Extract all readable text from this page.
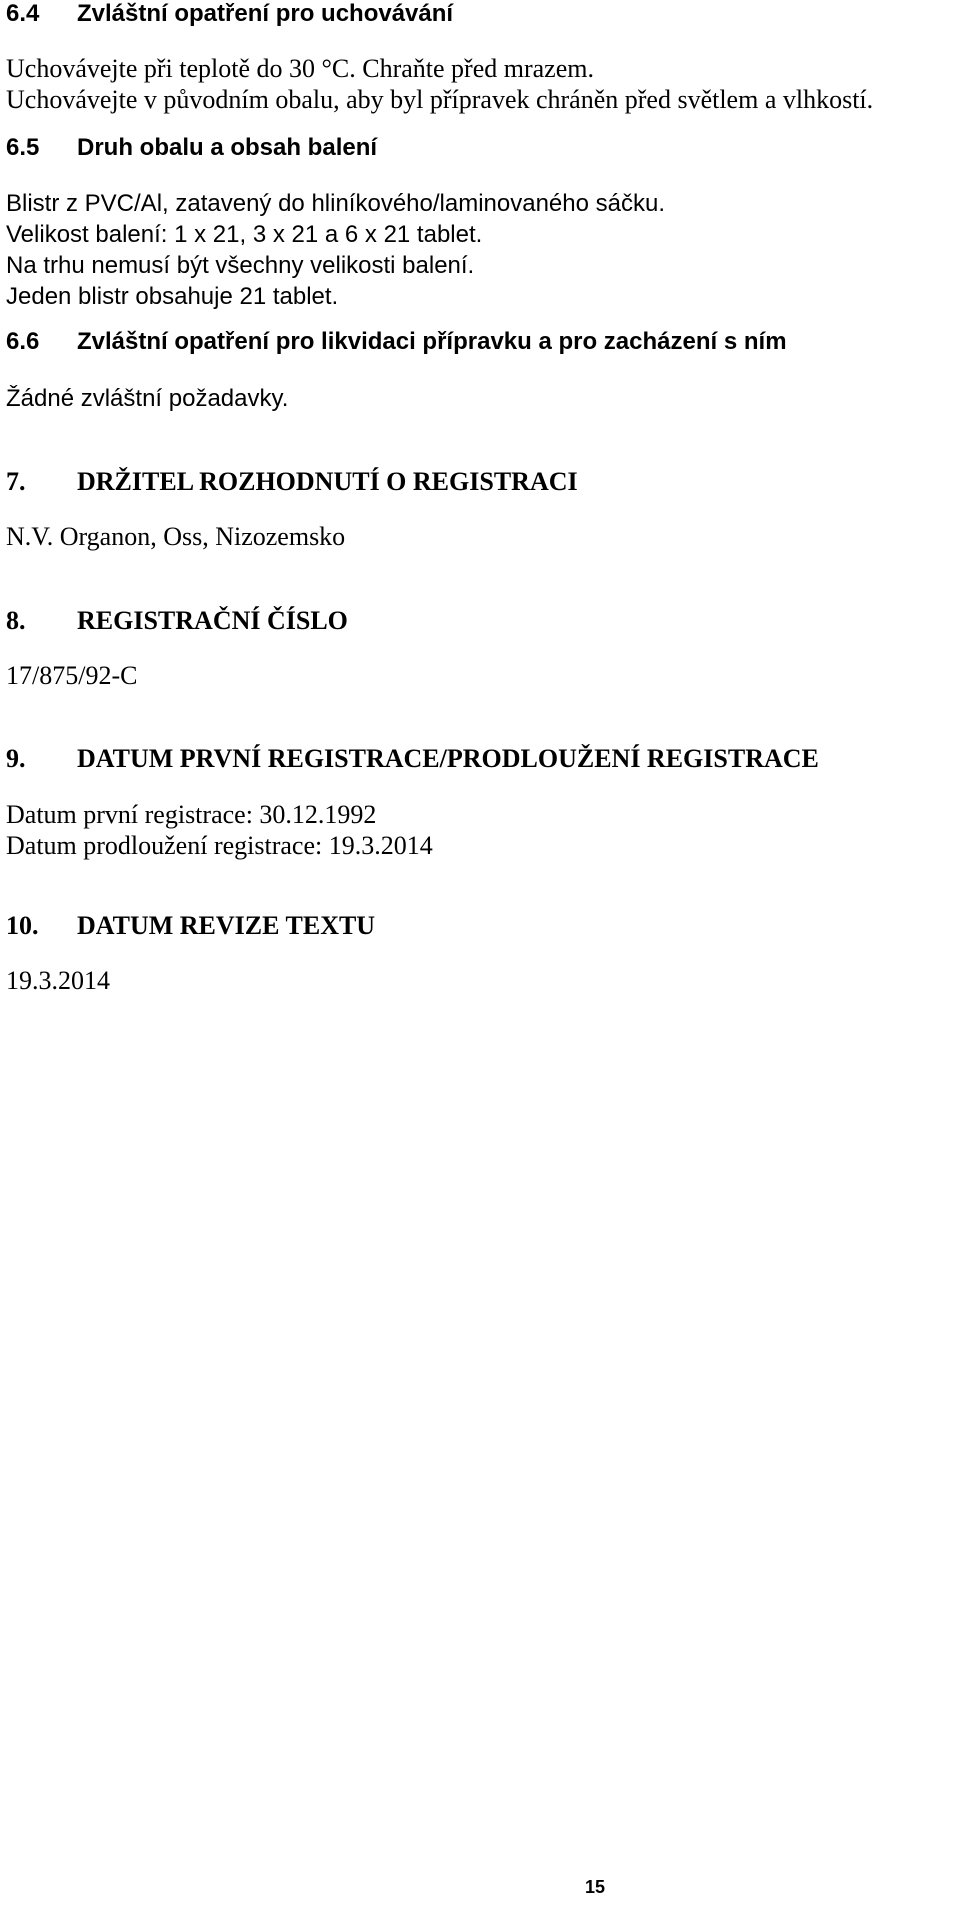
6.4 Zvláštní opatření pro uchovávání
Uchovávejte při teplotě do 30 °C. Chraňte před mrazem.
Uchovávejte v původním obalu, aby byl přípravek chráněn před světlem a vlhkostí.
6.5 Druh obalu a obsah balení
Blistr z PVC/Al, zatavený do hliníkového/laminovaného sáčku.
Velikost balení: 1 x 21, 3 x 21 a 6 x 21 tablet.
Na trhu nemusí být všechny velikosti balení.
Jeden blistr obsahuje 21 tablet.
6.6 Zvláštní opatření pro likvidaci přípravku a pro zacházení s ním
Žádné zvláštní požadavky.
7. DRŽITEL ROZHODNUTÍ O REGISTRACI
N.V. Organon, Oss, Nizozemsko
8. REGISTRAČNÍ ČÍSLO
17/875/92-C
9. DATUM PRVNÍ REGISTRACE/PRODLOUŽENÍ REGISTRACE
Datum první registrace: 30.12.1992
Datum prodloužení registrace: 19.3.2014
10. DATUM REVIZE TEXTU
19.3.2014
15
